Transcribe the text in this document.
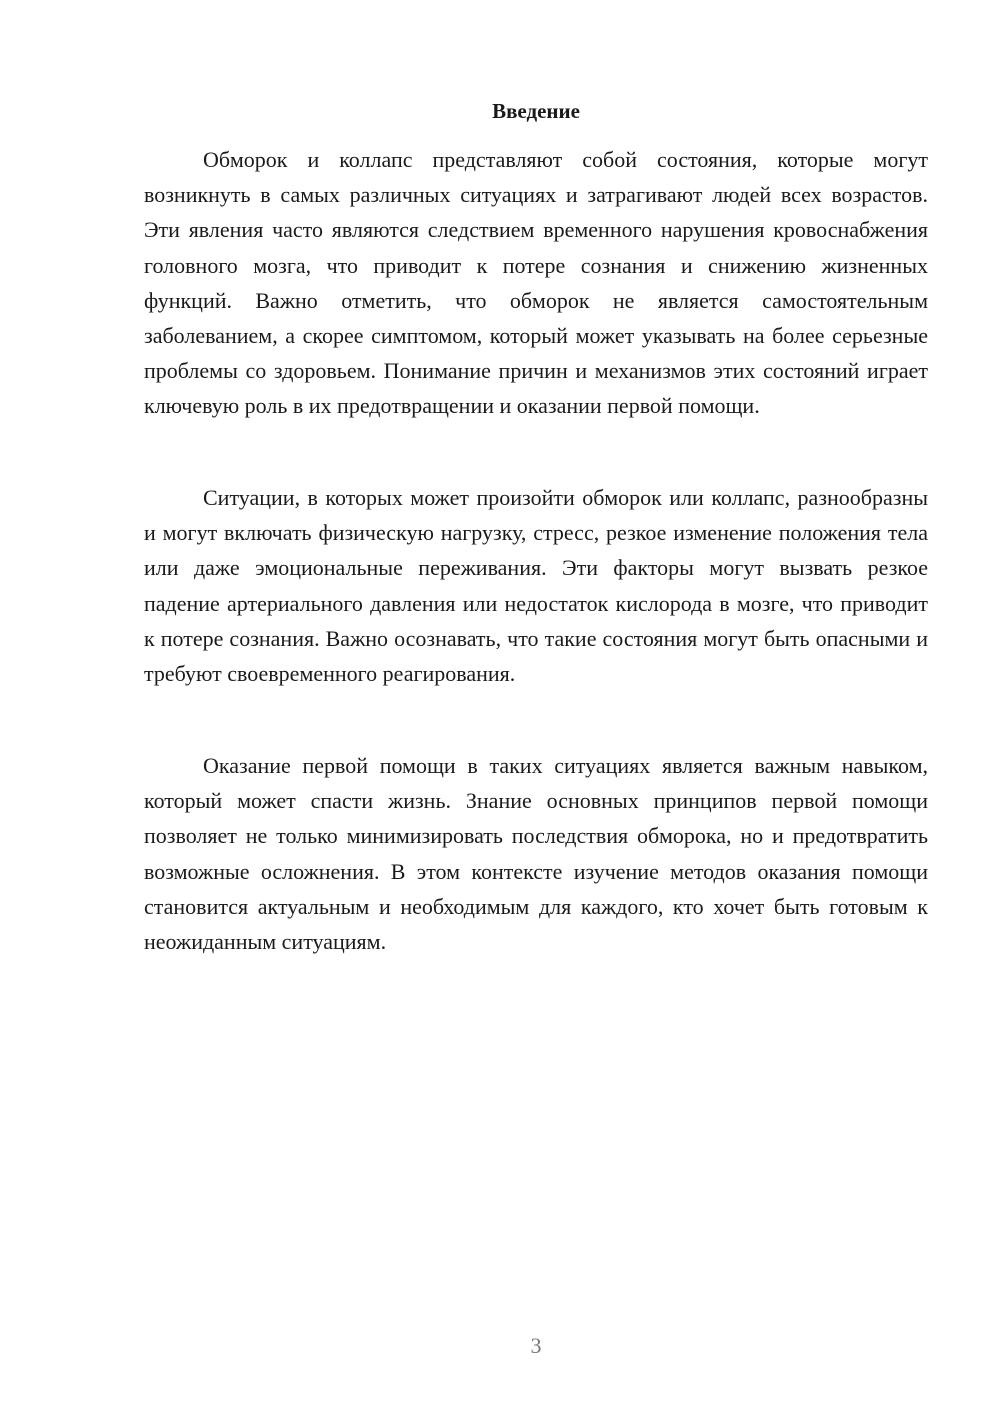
Введение

Обморок и коллапс представляют собой состояния, которые могут возникнуть в самых различных ситуациях и затрагивают людей всех возрастов. Эти явления часто являются следствием временного нарушения кровоснабжения головного мозга, что приводит к потере сознания и снижению жизненных функций. Важно отметить, что обморок не является самостоятельным заболеванием, а скорее симптомом, который может указывать на более серьезные проблемы со здоровьем. Понимание причин и механизмов этих состояний играет ключевую роль в их предотвращении и оказании первой помощи.

Ситуации, в которых может произойти обморок или коллапс, разнообразны и могут включать физическую нагрузку, стресс, резкое изменение положения тела или даже эмоциональные переживания. Эти факторы могут вызвать резкое падение артериального давления или недостаток кислорода в мозге, что приводит к потере сознания. Важно осознавать, что такие состояния могут быть опасными и требуют своевременного реагирования.

Оказание первой помощи в таких ситуациях является важным навыком, который может спасти жизнь. Знание основных принципов первой помощи позволяет не только минимизировать последствия обморока, но и предотвратить возможные осложнения. В этом контексте изучение методов оказания помощи становится актуальным и необходимым для каждого, кто хочет быть готовым к неожиданным ситуациям.

3
